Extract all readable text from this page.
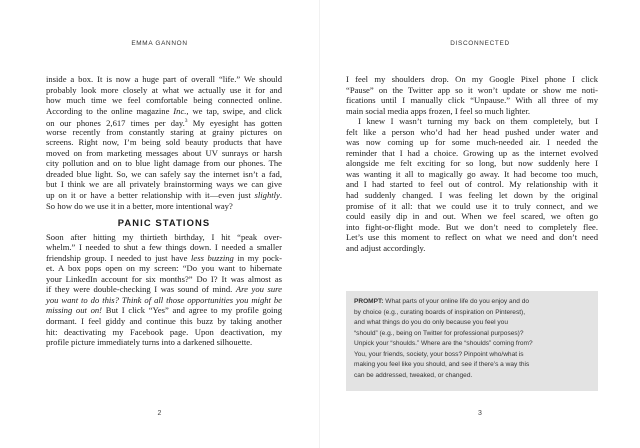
EMMA GANNON

inside a box. It is now a huge part of overall “life.” We should
probably look more closely at what we actually use it for and
how much time we feel comfortable being connected online.
According to the online magazine Inc., we tap, swipe, and click
on our phones 2,617 times per day.$^3$ My eyesight has gotten
worse recently from constantly staring at grainy pictures on
screens. Right now, I’m being sold beauty products that have
moved on from marketing messages about UV sunrays or harsh
city pollution and on to blue light damage from our phones. The
dreaded blue light. So, we can safely say the internet isn’t a fad,
but I think we are all privately brainstorming ways we can give
up on it or have a better relationship with it—even just slightly.
So how do we use it in a better, more intentional way?

PANIC STATIONS

Soon after hitting my thirtieth birthday, I hit “peak over-
whelm.” I needed to shut a few things down. I needed a smaller
friendship group. I needed to just have less buzzing in my pock-
et. A box pops open on my screen: “Do you want to hibernate
your LinkedIn account for six months?” Do I? It was almost as
if they were double-checking I was sound of mind. Are you sure
you want to do this? Think of all those opportunities you might be
missing out on! But I click “Yes” and agree to my profile going
dormant. I feel giddy and continue this buzz by taking another
hit: deactivating my Facebook page. Upon deactivation, my
profile picture immediately turns into a darkened silhouette.

2
DISCONNECTED

I feel my shoulders drop. On my Google Pixel phone I click
“Pause” on the Twitter app so it won’t update or show me noti-
fications until I manually click “Unpause.” With all three of my
main social media apps frozen, I feel so much lighter.

I knew I wasn’t turning my back on them completely, but I
felt like a person who’d had her head pushed under water and
was now coming up for some much-needed air. I needed the
reminder that I had a choice. Growing up as the internet evolved
alongside me felt exciting for so long, but now suddenly here I
was wanting it all to magically go away. It had become too much,
and I had started to feel out of control. My relationship with it
had suddenly changed. I was feeling let down by the original
promise of it all: that we could use it to truly connect, and we
could easily dip in and out. When we feel scared, we often go
into fight-or-flight mode. But we don’t need to completely flee.
Let’s use this moment to reflect on what we need and don’t need
and adjust accordingly.

PROMPT: What parts of your online life do you enjoy and do
by choice (e.g., curating boards of inspiration on Pinterest),
and what things do you do only because you feel you
“should” (e.g., being on Twitter for professional purposes)?
Unpick your “shoulds.” Where are the “shoulds” coming from?
You, your friends, society, your boss? Pinpoint who/what is
making you feel like you should, and see if there’s a way this
can be addressed, tweaked, or changed.
3
